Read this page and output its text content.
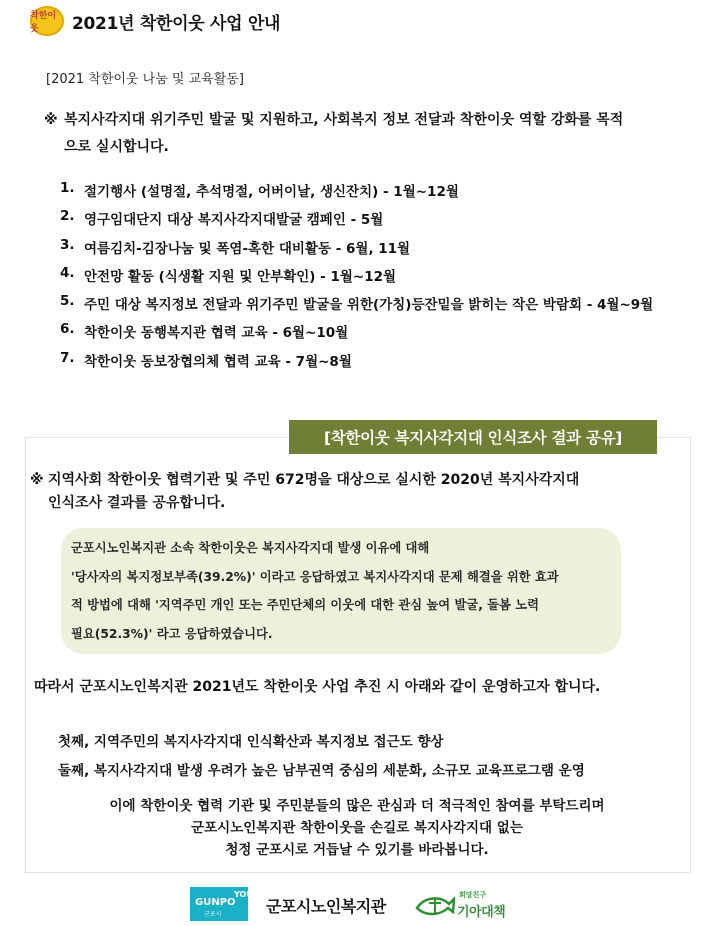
착한이웃	2021년 착한이웃 사업 안내
[2021 착한이웃 나눔 및 교육활동]
※ 복지사각지대 위기주민 발굴 및 지원하고, 사회복지 정보 전달과 착한이웃 역할 강화를 목적
으로 실시합니다.
1. 절기행사 (설명절, 추석명절, 어버이날, 생신잔치) - 1월~12월
2. 영구임대단지 대상 복지사각지대발굴 캠페인 - 5월
3. 여름김치-김장나눔 및 폭염-혹한 대비활동 - 6월, 11월
4. 안전망 활동 (식생활 지원 및 안부확인) - 1월~12월
5. 주민 대상 복지정보 전달과 위기주민 발굴을 위한(가칭)등잔밑을 밝히는 작은 박람회 - 4월~9월
6. 착한이웃 동행복지관 협력 교육 - 6월~10월
7. 착한이웃 동보장협의체 협력 교육 - 7월~8월
[착한이웃 복지사각지대 인식조사 결과 공유]
※ 지역사회 착한이웃 협력기관 및 주민 672명을 대상으로 실시한 2020년 복지사각지대
인식조사 결과를 공유합니다.

군포시노인복지관 소속 착한이웃은 복지사각지대 발생 이유에 대해

'당사자의 복지정보부족(39.2%)' 이라고 응답하였고 복지사각지대 문제 해결을 위한 효과

적 방법에 대해 '지역주민 개인 또는 주민단체의 이웃에 대한 관심 높여 발굴, 돌봄 노력

필요(52.3%)' 라고 응답하였습니다.

따라서 군포시노인복지관 2021년도 착한이웃 사업 추진 시 아래와 같이 운영하고자 합니다.
첫째, 지역주민의 복지사각지대 인식확산과 복지정보 접근도 향상
둘째, 복지사각지대 발생 우려가 높은 남부권역 중심의 세분화, 소규모 교육프로그램 운영
이에 착한이웃 협력 기관 및 주민분들의 많은 관심과 더 적극적인 참여를 부탁드리며
군포시노인복지관 착한이웃을 손길로 복지사각지대 없는
청정 군포시로 거듭날 수 있기를 바라봅니다.
GUNPO
군포시
YOU
군포시노인복지관
희망친구
기아대책
